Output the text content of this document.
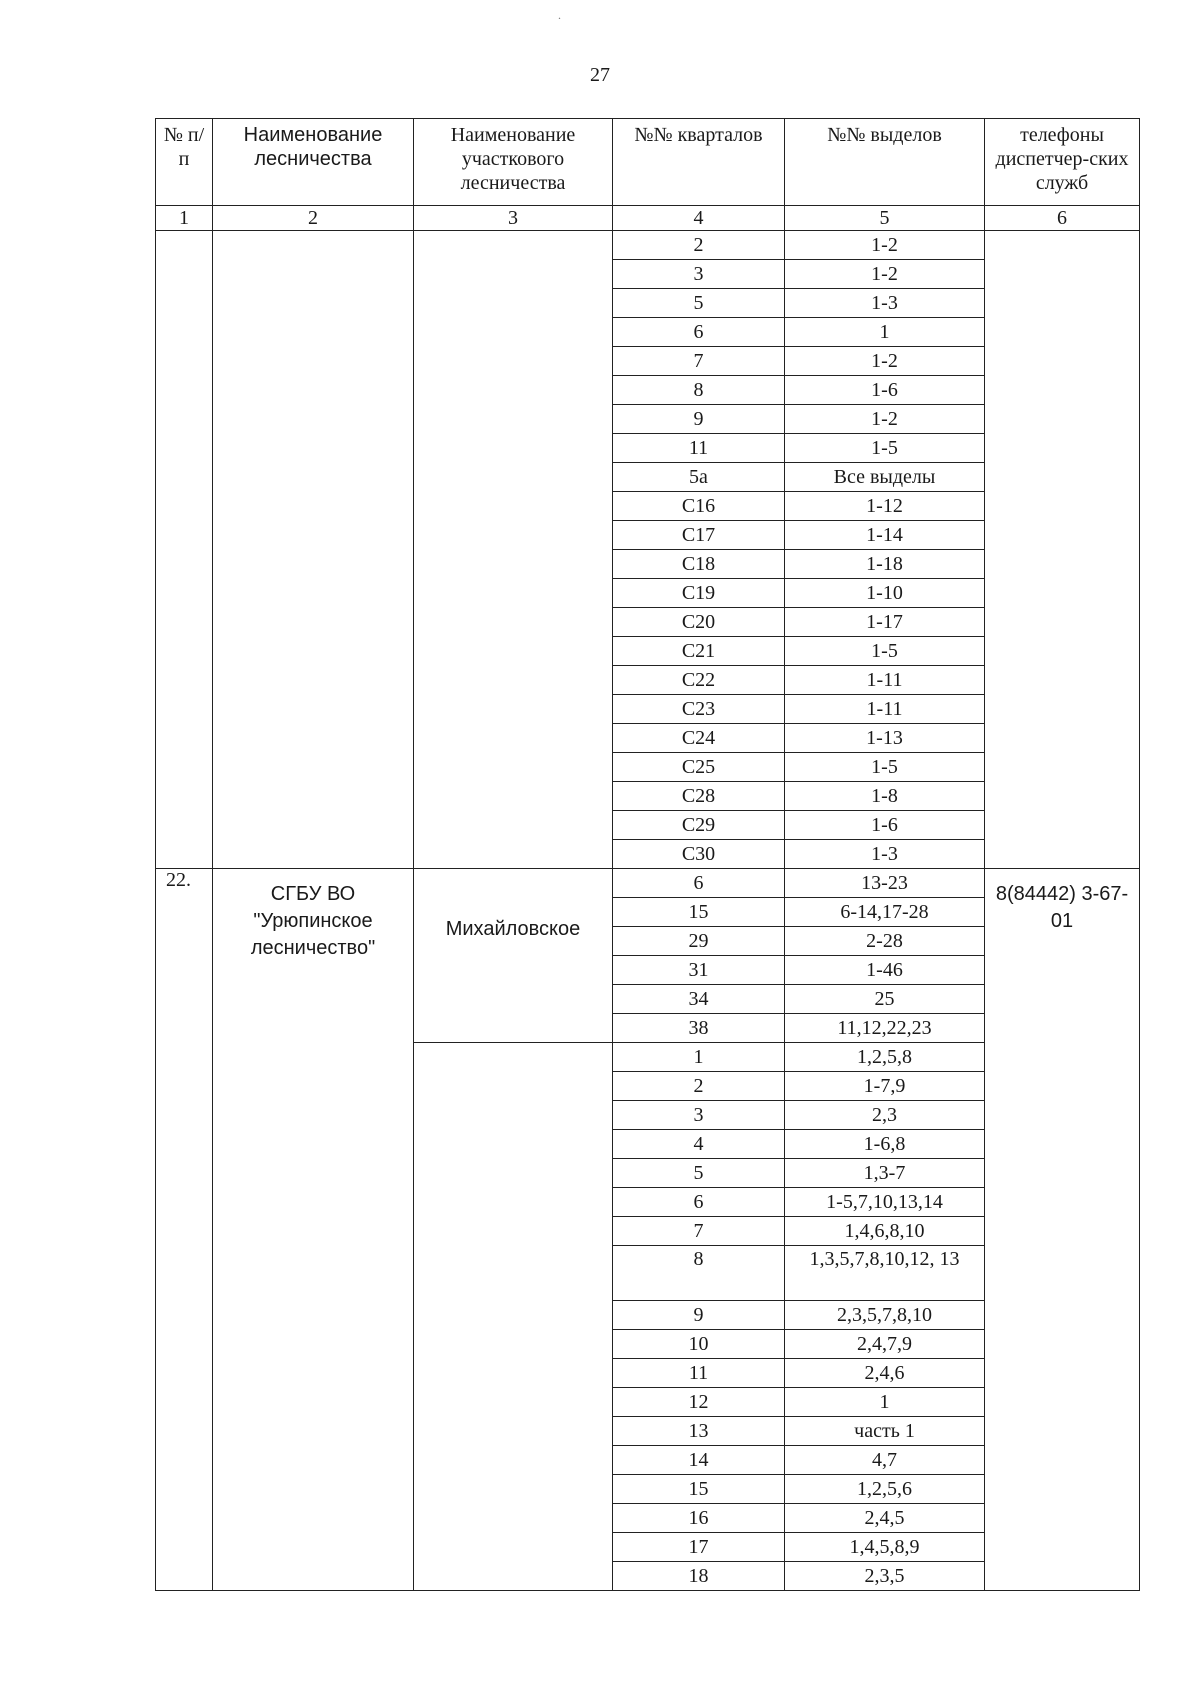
27
№ п/п	Наименование лесничества	Наименование участкового лесничества	№№ кварталов	№№ выделов	телефоны диспетчер-ских служб
1	2	3	4	5	6
			2	1-2	
			3	1-2	
			5	1-3	
			6	1	
			7	1-2	
			8	1-6	
			9	1-2	
			11	1-5	
			5а	Все выделы	
			С16	1-12	
			С17	1-14	
			С18	1-18	
			С19	1-10	
			С20	1-17	
			С21	1-5	
			С22	1-11	
			С23	1-11	
			С24	1-13	
			С25	1-5	
			С28	1-8	
			С29	1-6	
			С30	1-3	
22.	СГБУ ВО "Урюпинское лесничество"	Михайловское	6	13-23	8(84442) 3-67-01
			15	6-14,17-28	
			29	2-28	
			31	1-46	
			34	25	
			38	11,12,22,23	
			1	1,2,5,8	
			2	1-7,9	
			3	2,3	
			4	1-6,8	
			5	1,3-7	
			6	1-5,7,10,13,14	
			7	1,4,6,8,10	
			8	1,3,5,7,8,10,12, 13	
			9	2,3,5,7,8,10	
			10	2,4,7,9	
			11	2,4,6	
			12	1	
			13	часть 1	
			14	4,7	
			15	1,2,5,6	
			16	2,4,5	
			17	1,4,5,8,9	
			18	2,3,5	
.
